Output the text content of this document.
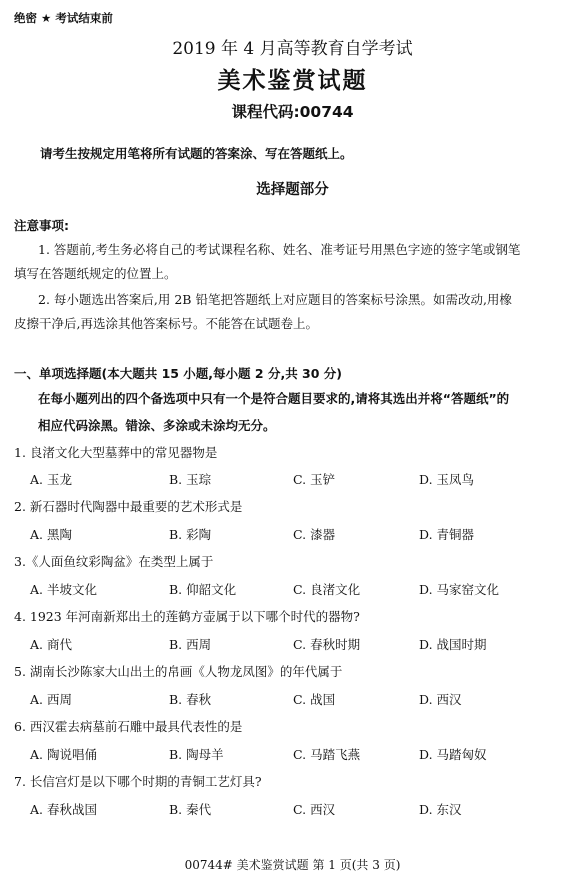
绝密 ★ 考试结束前
2019 年 4 月高等教育自学考试
美术鉴赏试题
课程代码:00744
请考生按规定用笔将所有试题的答案涂、写在答题纸上。
选择题部分
注意事项:
1. 答题前,考生务必将自己的考试课程名称、姓名、准考证号用黑色字迹的签字笔或钢笔
填写在答题纸规定的位置上。
2. 每小题选出答案后,用 2B 铅笔把答题纸上对应题目的答案标号涂黑。如需改动,用橡
皮擦干净后,再选涂其他答案标号。不能答在试题卷上。
一、单项选择题(本大题共 15 小题,每小题 2 分,共 30 分)
在每小题列出的四个备选项中只有一个是符合题目要求的,请将其选出并将“答题纸”的
相应代码涂黑。错涂、多涂或未涂均无分。
1. 良渚文化大型墓葬中的常见器物是
A. 玉龙	B. 玉琮	C. 玉铲	D. 玉凤鸟
2. 新石器时代陶器中最重要的艺术形式是
A. 黑陶	B. 彩陶	C. 漆器	D. 青铜器
3.《人面鱼纹彩陶盆》在类型上属于
A. 半坡文化	B. 仰韶文化	C. 良渚文化	D. 马家窑文化
4. 1923 年河南新郑出土的莲鹤方壶属于以下哪个时代的器物?
A. 商代	B. 西周	C. 春秋时期	D. 战国时期
5. 湖南长沙陈家大山出土的帛画《人物龙凤图》的年代属于
A. 西周	B. 春秋	C. 战国	D. 西汉
6. 西汉霍去病墓前石雕中最具代表性的是
A. 陶说唱俑	B. 陶母羊	C. 马踏飞燕	D. 马踏匈奴
7. 长信宫灯是以下哪个时期的青铜工艺灯具?
A. 春秋战国	B. 秦代	C. 西汉	D. 东汉
00744# 美术鉴赏试题 第 1 页(共 3 页)
